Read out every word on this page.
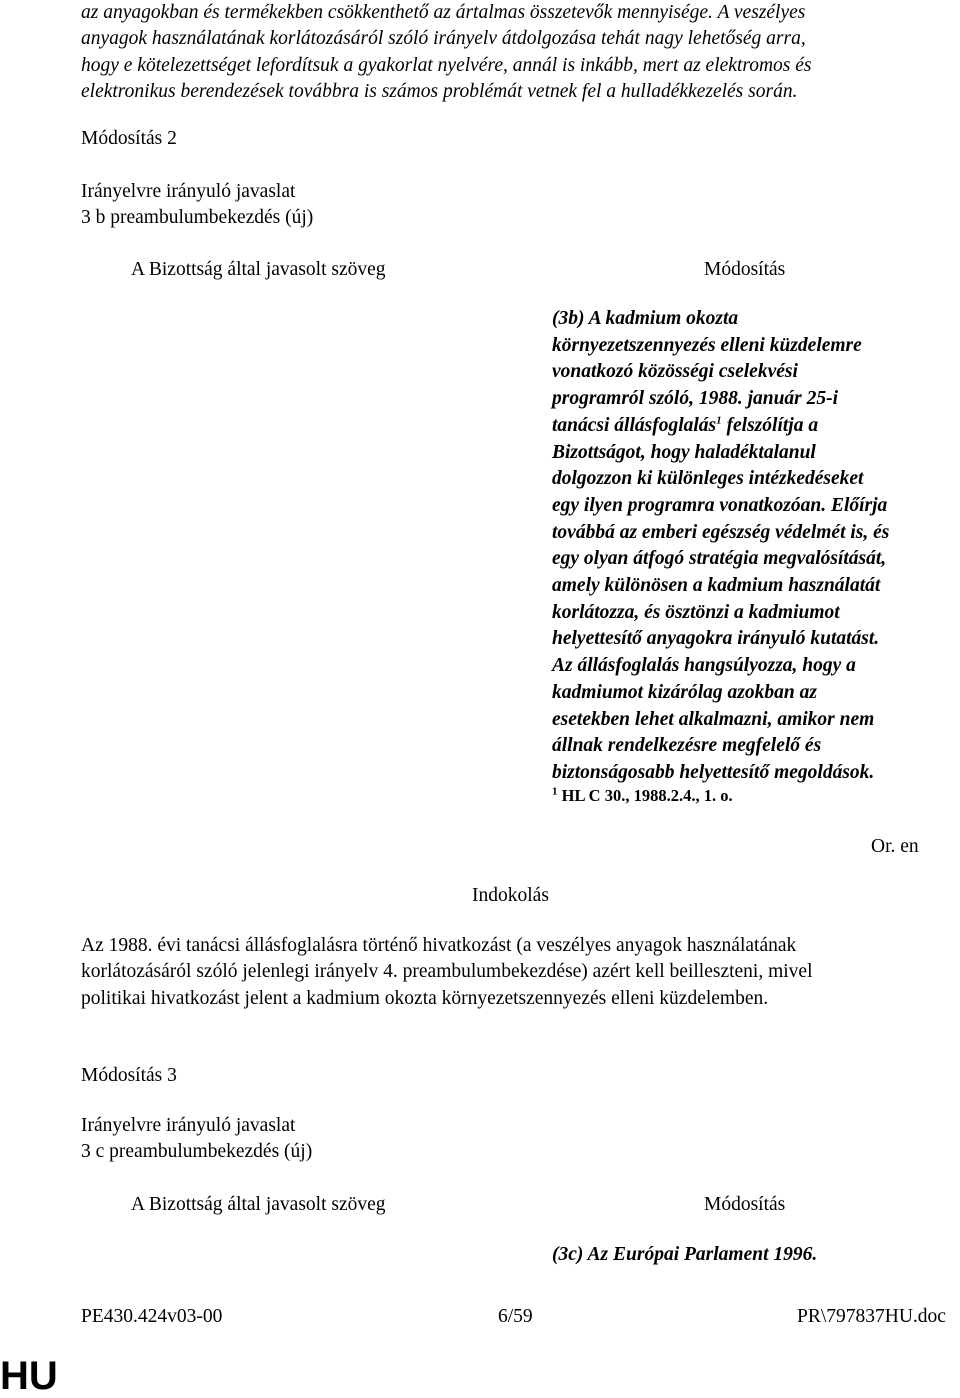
az anyagokban és termékekben csökkenthető az ártalmas összetevők mennyisége. A veszélyes
anyagok használatának korlátozásáról szóló irányelv átdolgozása tehát nagy lehetőség arra,
hogy e kötelezettséget lefordítsuk a gyakorlat nyelvére, annál is inkább, mert az elektromos és
elektronikus berendezések továbbra is számos problémát vetnek fel a hulladékkezelés során.
Módosítás 2
Irányelvre irányuló javaslat
3 b preambulumbekezdés (új)
A Bizottság által javasolt szöveg	Módosítás
(3b) A kadmium okozta
környezetszennyezés elleni küzdelemre
vonatkozó közösségi cselekvési
programról szóló, 1988. január 25-i
tanácsi állásfoglalás$^1$ felszólítja a
Bizottságot, hogy haladéktalanul
dolgozzon ki különleges intézkedéseket
egy ilyen programra vonatkozóan. Előírja
továbbá az emberi egészség védelmét is, és
egy olyan átfogó stratégia megvalósítását,
amely különösen a kadmium használatát
korlátozza, és ösztönzi a kadmiumot
helyettesítő anyagokra irányuló kutatást.
Az állásfoglalás hangsúlyozza, hogy a
kadmiumot kizárólag azokban az
esetekben lehet alkalmazni, amikor nem
állnak rendelkezésre megfelelő és
biztonságosabb helyettesítő megoldások.
$^1$ HL C 30., 1988.2.4., 1. o.
Or. en
Indokolás
Az 1988. évi tanácsi állásfoglalásra történő hivatkozást (a veszélyes anyagok használatának
korlátozásáról szóló jelenlegi irányelv 4. preambulumbekezdése) azért kell beilleszteni, mivel
politikai hivatkozást jelent a kadmium okozta környezetszennyezés elleni küzdelemben.
Módosítás 3
Irányelvre irányuló javaslat
3 c preambulumbekezdés (új)
A Bizottság által javasolt szöveg	Módosítás
(3c) Az Európai Parlament 1996.
PE430.424v03-00	6/59	PR\797837HU.doc
HU
